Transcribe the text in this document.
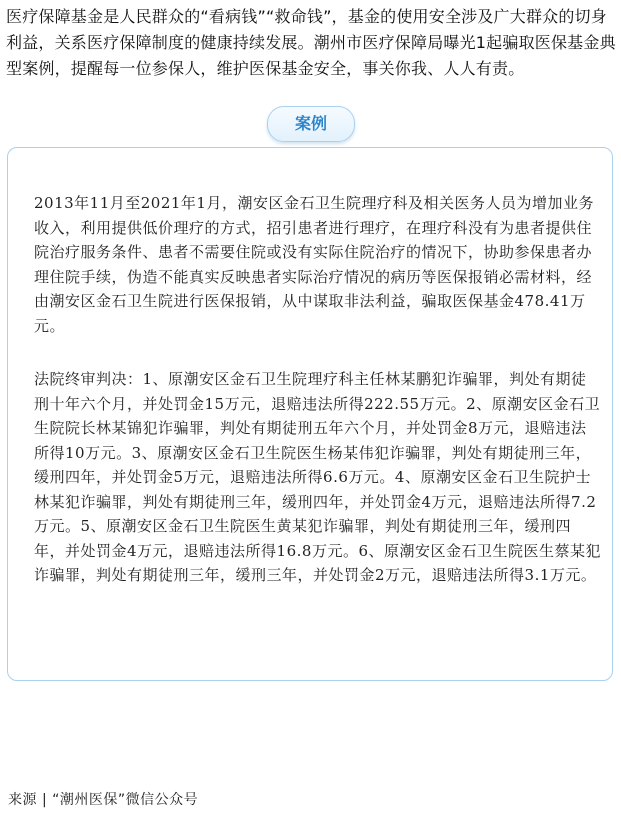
医疗保障基金是人民群众的“看病钱”“救命钱”，基金的使用安全涉及广大群众的切身利益，关系医疗保障制度的健康持续发展。潮州市医疗保障局曝光1起骗取医保基金典型案例，提醒每一位参保人，维护医保基金安全，事关你我、人人有责。

案例

2013年11月至2021年1月，潮安区金石卫生院理疗科及相关医务人员为增加业务收入，利用提供低价理疗的方式，招引患者进行理疗，在理疗科没有为患者提供住院治疗服务条件、患者不需要住院或没有实际住院治疗的情况下，协助参保患者办理住院手续，伪造不能真实反映患者实际治疗情况的病历等医保报销必需材料，经由潮安区金石卫生院进行医保报销，从中谋取非法利益，骗取医保基金478.41万元。

法院终审判决：1、原潮安区金石卫生院理疗科主任林某鹏犯诈骗罪，判处有期徒刑十年六个月，并处罚金15万元，退赔违法所得222.55万元。2、原潮安区金石卫生院院长林某锦犯诈骗罪，判处有期徒刑五年六个月，并处罚金8万元，退赔违法所得10万元。3、原潮安区金石卫生院医生杨某伟犯诈骗罪，判处有期徒刑三年，缓刑四年，并处罚金5万元，退赔违法所得6.6万元。4、原潮安区金石卫生院护士林某犯诈骗罪，判处有期徒刑三年，缓刑四年，并处罚金4万元，退赔违法所得7.2万元。5、原潮安区金石卫生院医生黄某犯诈骗罪，判处有期徒刑三年，缓刑四年，并处罚金4万元，退赔违法所得16.8万元。6、原潮安区金石卫生院医生蔡某犯诈骗罪，判处有期徒刑三年，缓刑三年，并处罚金2万元，退赔违法所得3.1万元。

来源 | “潮州医保”微信公众号
